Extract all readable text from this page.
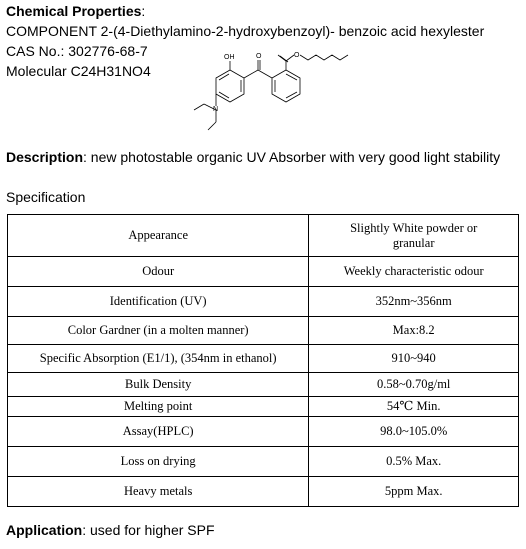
Chemical Properties:
COMPONENT 2-(4-Diethylamino-2-hydroxybenzoyl)- benzoic acid hexylester
CAS No.: 302776-68-7
Molecular C24H31NO4
OH	O	O
N
Description: new photostable organic UV Absorber with very good light stability
Specification
Appearance	Slightly White powder or
granular

Odour	Weekly characteristic odour
Identification (UV)	352nm~356nm
Color Gardner (in a molten manner)	Max:8.2
Specific Absorption (E1/1), (354nm in ethanol)	910~940
Bulk Density	0.58~0.70g/ml
Melting point	54℃ Min.
Assay(HPLC)	98.0~105.0%
Loss on drying	0.5% Max.
Heavy metals	5ppm Max.
Application: used for higher SPF
